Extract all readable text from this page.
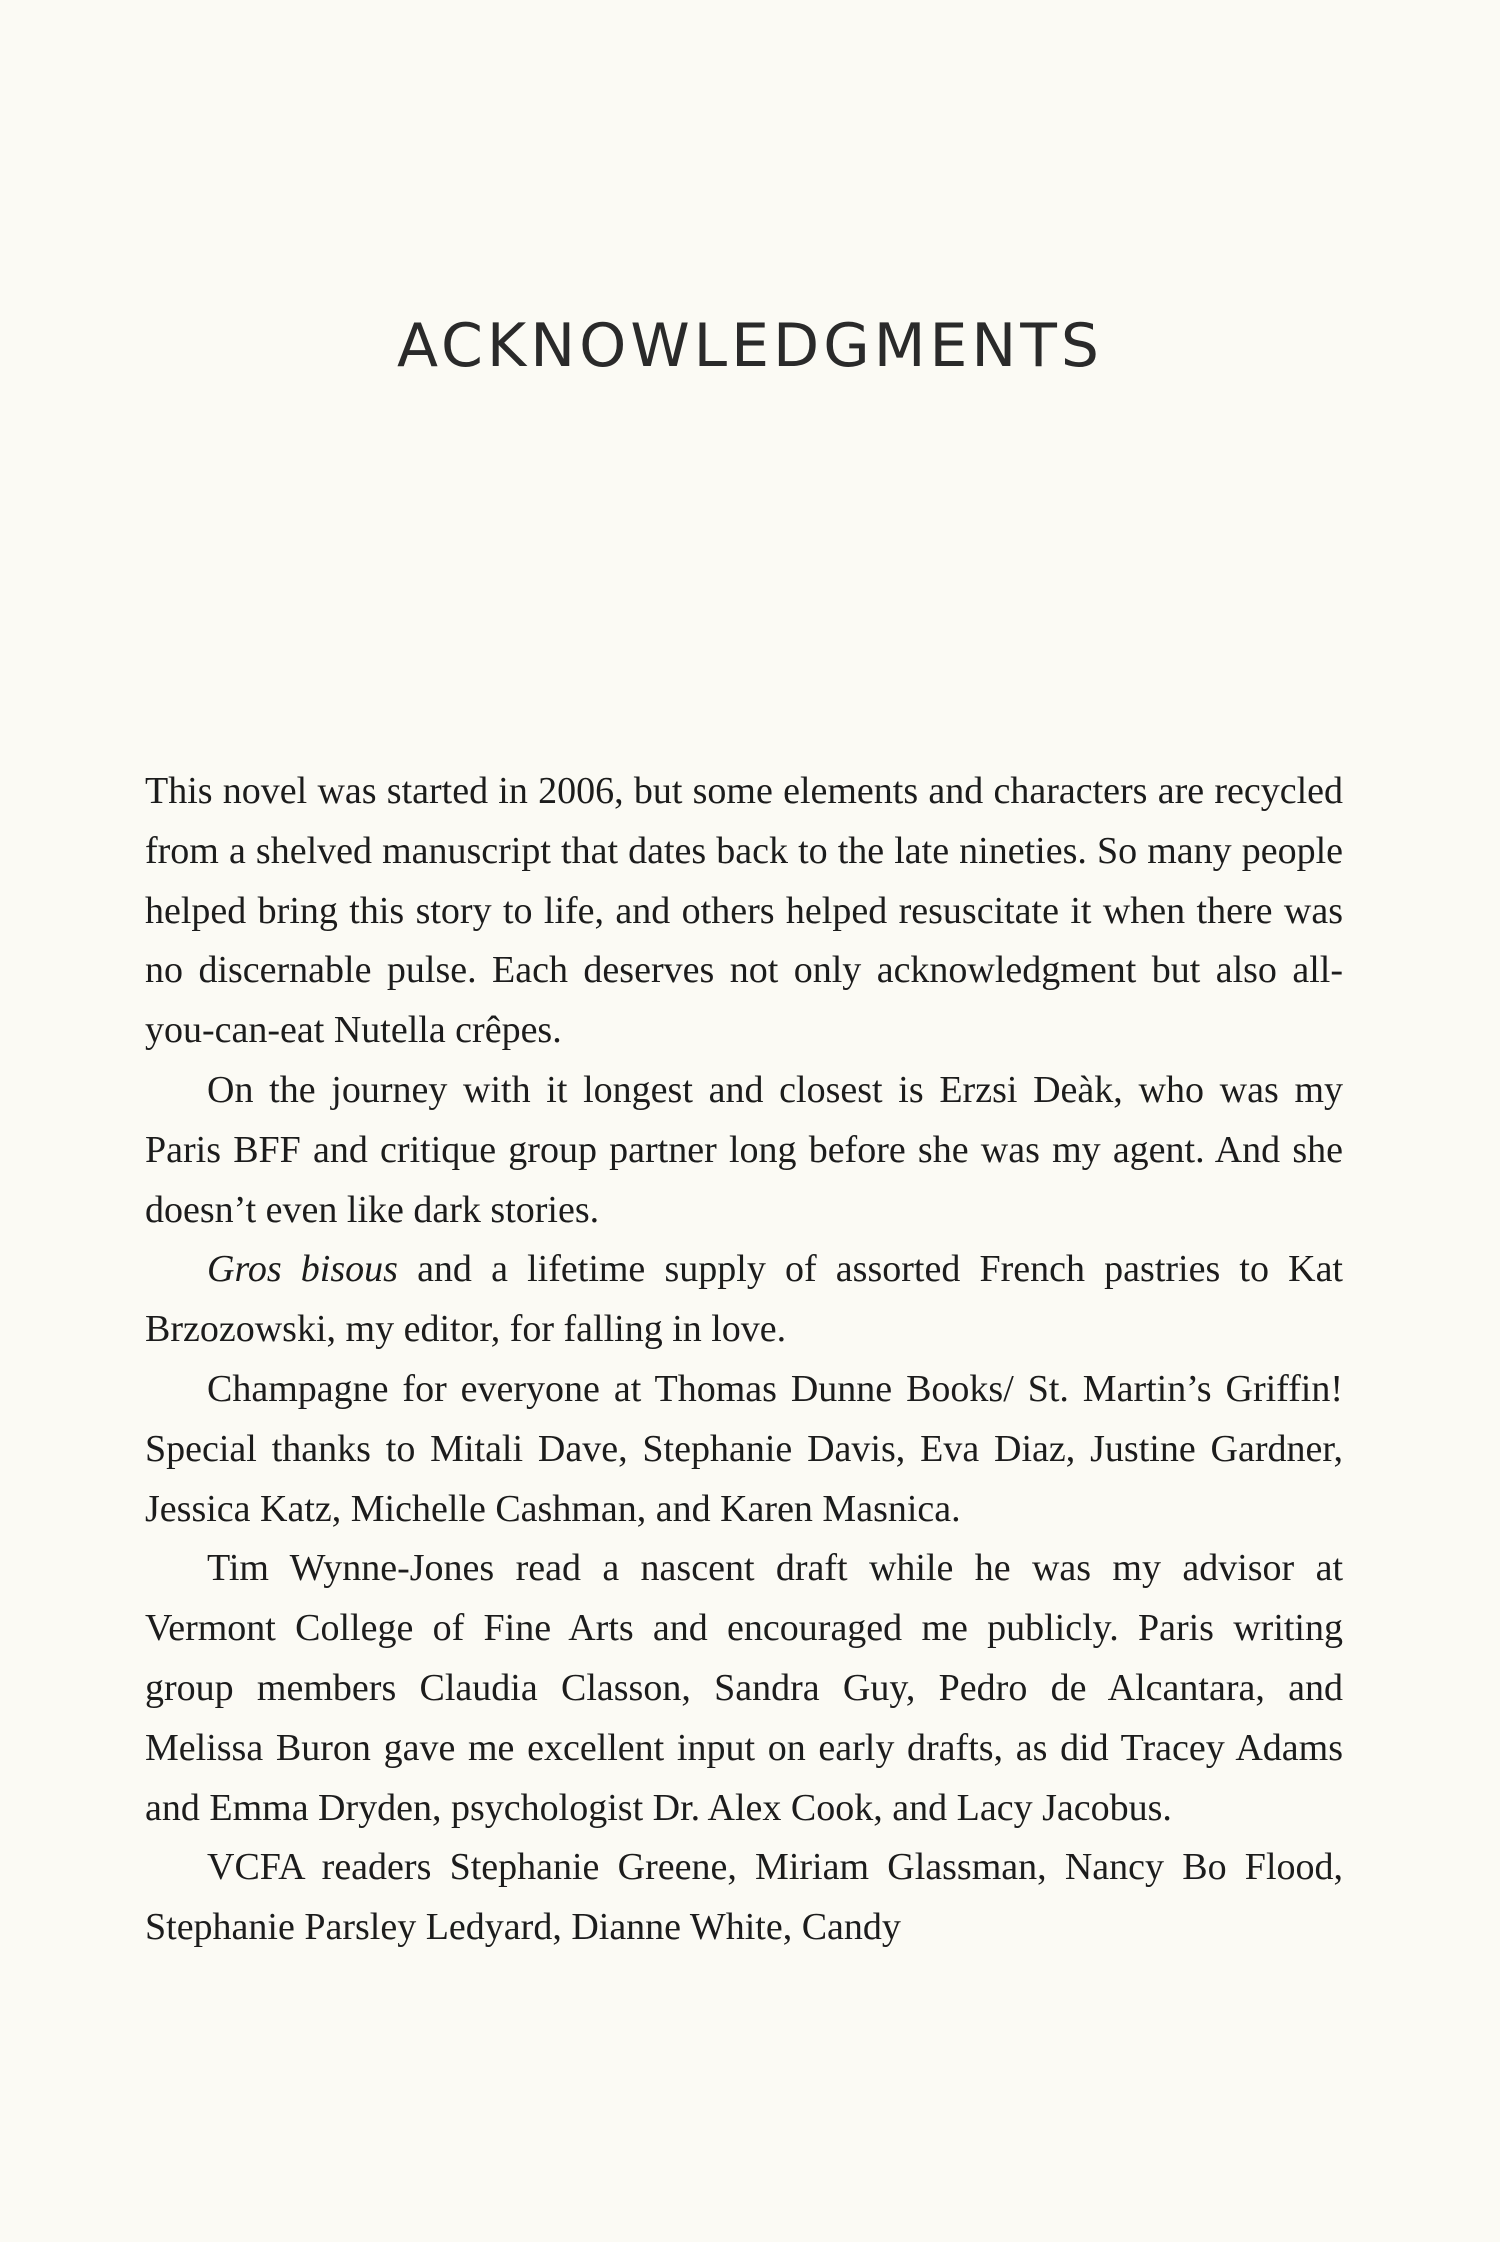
ACKNOWLEDGMENTS

This novel was started in 2006, but some elements and characters are recycled from a shelved manuscript that dates back to the late nineties. So many people helped bring this story to life, and others helped resuscitate it when there was no discernable pulse. Each deserves not only acknowledgment but also all-you-can-eat Nutella crêpes.

On the journey with it longest and closest is Erzsi Deàk, who was my Paris BFF and critique group partner long before she was my agent. And she doesn’t even like dark stories.

Gros bisous and a lifetime supply of assorted French pastries to Kat Brzozowski, my editor, for falling in love.

Champagne for everyone at Thomas Dunne Books/ St. Martin’s Griffin! Special thanks to Mitali Dave, Stephanie Davis, Eva Diaz, Justine Gardner, Jessica Katz, Michelle Cashman, and Karen Masnica.

Tim Wynne-Jones read a nascent draft while he was my advisor at Vermont College of Fine Arts and encouraged me publicly. Paris writing group members Claudia Classon, Sandra Guy, Pedro de Alcantara, and Melissa Buron gave me excellent input on early drafts, as did Tracey Adams and Emma Dryden, psychologist Dr. Alex Cook, and Lacy Jacobus.

VCFA readers Stephanie Greene, Miriam Glassman, Nancy Bo Flood, Stephanie Parsley Ledyard, Dianne White, Candy
